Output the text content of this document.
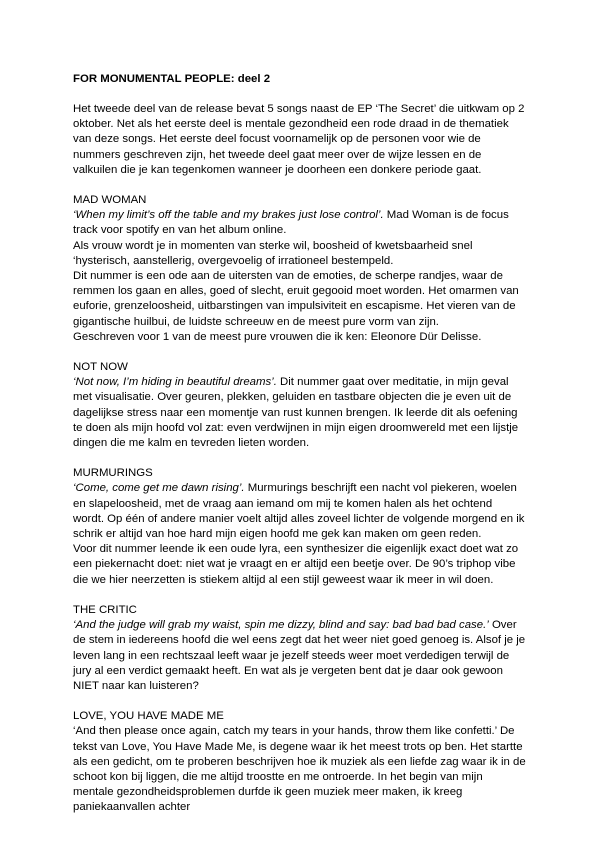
FOR MONUMENTAL PEOPLE: deel 2

Het tweede deel van de release bevat 5 songs naast de EP ‘The Secret’ die uitkwam op 2 oktober. Net als het eerste deel is mentale gezondheid een rode draad in de thematiek van deze songs. Het eerste deel focust voornamelijk op de personen voor wie de nummers geschreven zijn, het tweede deel gaat meer over de wijze lessen en de valkuilen die je kan tegenkomen wanneer je doorheen een donkere periode gaat.

MAD WOMAN

‘When my limit’s off the table and my brakes just lose control’. Mad Woman is de focus track voor spotify en van het album online.

Als vrouw wordt je in momenten van sterke wil, boosheid of kwetsbaarheid snel ‘hysterisch, aanstellerig, overgevoelig of irrationeel bestempeld.

Dit nummer is een ode aan de uitersten van de emoties, de scherpe randjes, waar de remmen los gaan en alles, goed of slecht, eruit gegooid moet worden. Het omarmen van euforie, grenzeloosheid, uitbarstingen van impulsiviteit en escapisme. Het vieren van de gigantische huilbui, de luidste schreeuw en de meest pure vorm van zijn.

Geschreven voor 1 van de meest pure vrouwen die ik ken: Eleonore Dür Delisse.

NOT NOW

‘Not now, I’m hiding in beautiful dreams’. Dit nummer gaat over meditatie, in mijn geval met visualisatie. Over geuren, plekken, geluiden en tastbare objecten die je even uit de dagelijkse stress naar een momentje van rust kunnen brengen. Ik leerde dit als oefening te doen als mijn hoofd vol zat: even verdwijnen in mijn eigen droomwereld met een lijstje dingen die me kalm en tevreden lieten worden.

MURMURINGS

‘Come, come get me dawn rising’. Murmurings beschrijft een nacht vol piekeren, woelen en slapeloosheid, met de vraag aan iemand om mij te komen halen als het ochtend wordt. Op één of andere manier voelt altijd alles zoveel lichter de volgende morgend en ik schrik er altijd van hoe hard mijn eigen hoofd me gek kan maken om geen reden.

Voor dit nummer leende ik een oude lyra, een synthesizer die eigenlijk exact doet wat zo een piekernacht doet: niet wat je vraagt en er altijd een beetje over. De 90’s triphop vibe die we hier neerzetten is stiekem altijd al een stijl geweest waar ik meer in wil doen.

THE CRITIC

‘And the judge will grab my waist, spin me dizzy, blind and say: bad bad bad case.’ Over de stem in iedereens hoofd die wel eens zegt dat het weer niet goed genoeg is. Alsof je je leven lang in een rechtszaal leeft waar je jezelf steeds weer moet verdedigen terwijl de jury al een verdict gemaakt heeft. En wat als je vergeten bent dat je daar ook gewoon NIET naar kan luisteren?

LOVE, YOU HAVE MADE ME

‘And then please once again, catch my tears in your hands, throw them like confetti.’ De tekst van Love, You Have Made Me, is degene waar ik het meest trots op ben. Het startte als een gedicht, om te proberen beschrijven hoe ik muziek als een liefde zag waar ik in de schoot kon bij liggen, die me altijd troostte en me ontroerde. In het begin van mijn mentale gezondheidsproblemen durfde ik geen muziek meer maken, ik kreeg paniekaanvallen achter
